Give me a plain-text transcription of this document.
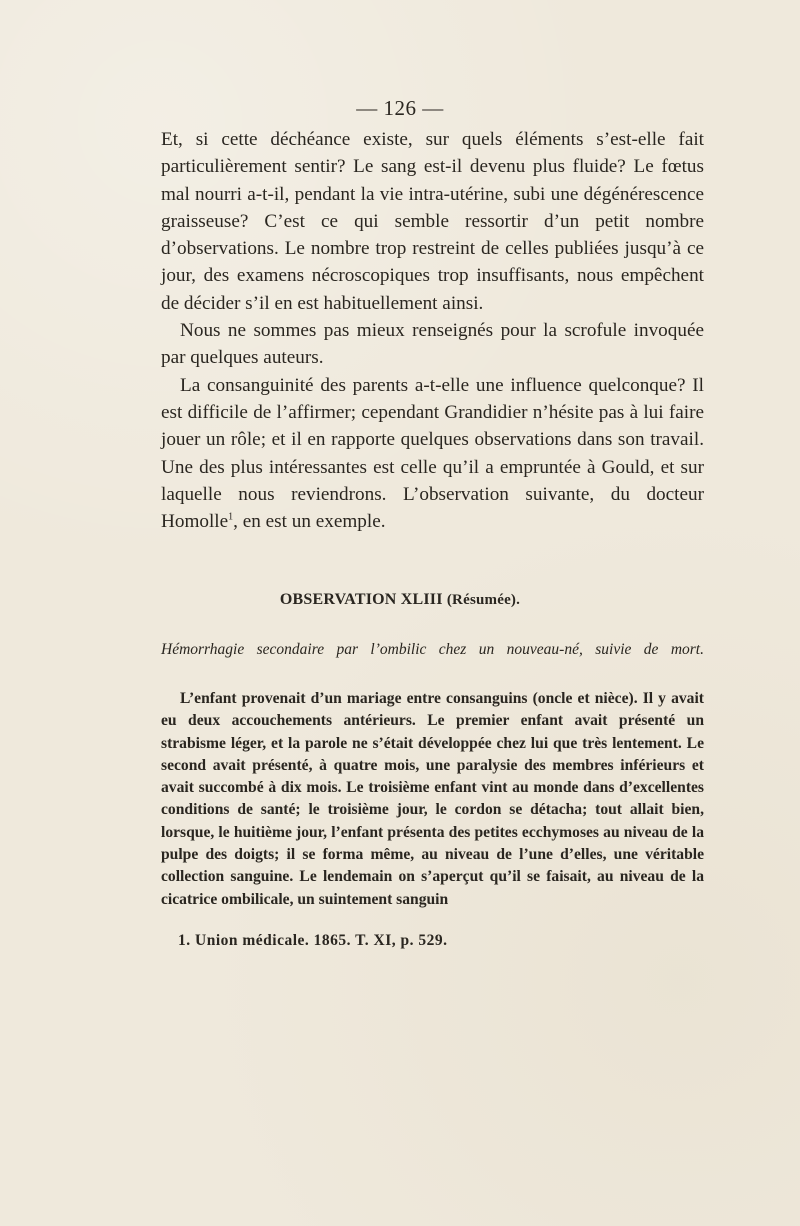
— 126 —

Et, si cette déchéance existe, sur quels éléments s’est-elle fait particulièrement sentir? Le sang est-il devenu plus fluide? Le fœtus mal nourri a-t-il, pendant la vie intra-utérine, subi une dégénérescence graisseuse? C’est ce qui semble ressortir d’un petit nombre d’observations. Le nombre trop restreint de celles publiées jusqu’à ce jour, des examens nécroscopiques trop insuffisants, nous empêchent de décider s’il en est habituellement ainsi.

Nous ne sommes pas mieux renseignés pour la scrofule invoquée par quelques auteurs.

La consanguinité des parents a-t-elle une influence quelconque? Il est difficile de l’affirmer; cependant Grandidier n’hésite pas à lui faire jouer un rôle; et il en rapporte quelques observations dans son travail. Une des plus intéressantes est celle qu’il a empruntée à Gould, et sur laquelle nous reviendrons. L’observation suivante, du docteur Homolle$^1$, en est un exemple.

OBSERVATION XLIII (Résumée).
Hémorrhagie secondaire par l’ombilic chez un nouveau-né, suivie de mort.

L’enfant provenait d’un mariage entre consanguins (oncle et nièce). Il y avait eu deux accouchements antérieurs. Le premier enfant avait présenté un strabisme léger, et la parole ne s’était développée chez lui que très lentement. Le second avait présenté, à quatre mois, une paralysie des membres inférieurs et avait succombé à dix mois. Le troisième enfant vint au monde dans d’excellentes conditions de santé; le troisième jour, le cordon se détacha; tout allait bien, lorsque, le huitième jour, l’enfant présenta des petites ecchymoses au niveau de la pulpe des doigts; il se forma même, au niveau de l’une d’elles, une véritable collection sanguine. Le lendemain on s’aperçut qu’il se faisait, au niveau de la cicatrice ombilicale, un suintement sanguin

1. Union médicale. 1865. T. XI, p. 529.
